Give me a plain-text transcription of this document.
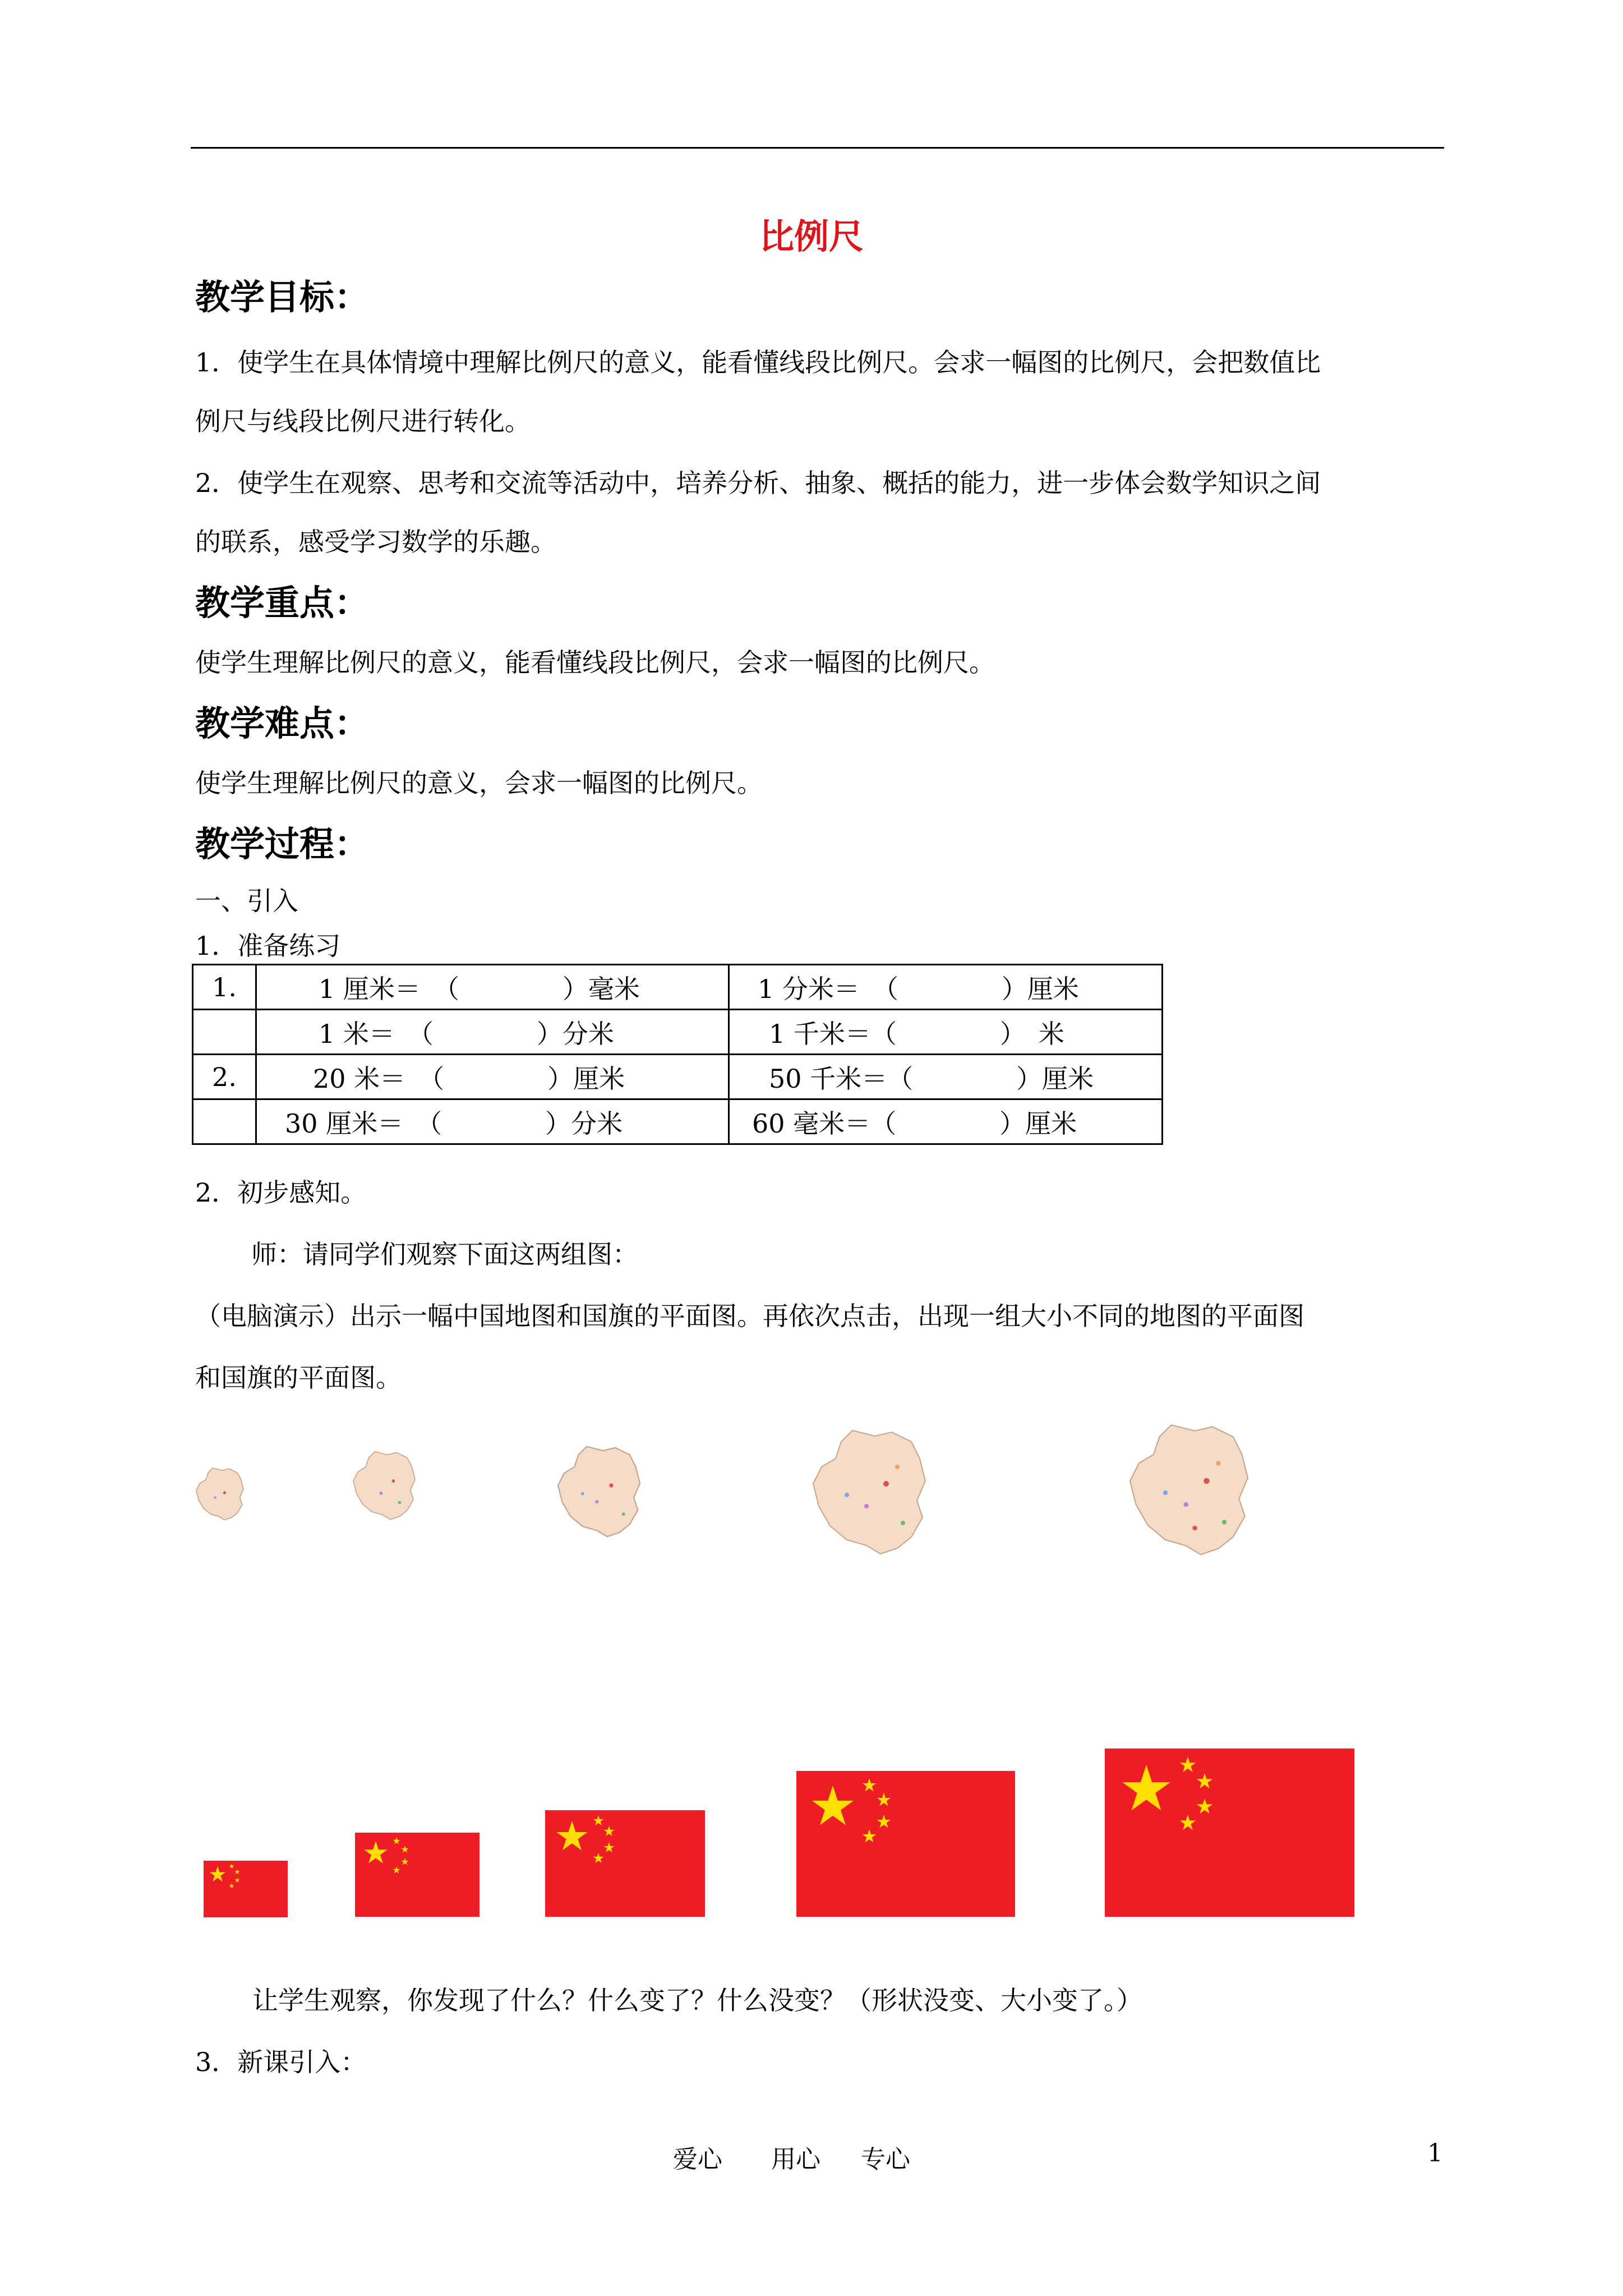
比例尺
教学目标：
1．使学生在具体情境中理解比例尺的意义，能看懂线段比例尺。会求一幅图的比例尺，会把数值比
例尺与线段比例尺进行转化。
2．使学生在观察、思考和交流等活动中，培养分析、抽象、概括的能力，进一步体会数学知识之间
的联系，感受学习数学的乐趣。
教学重点：
使学生理解比例尺的意义，能看懂线段比例尺，会求一幅图的比例尺。
教学难点：
使学生理解比例尺的意义，会求一幅图的比例尺。
教学过程：
一、引入
1．准备练习
1.	1 厘米＝　（　　　　）毫米	1 分米＝　（　　　　）厘米
	1 米＝　（　　　　）分米	1 千米＝（　　　　）　米
2.	20 米＝　（　　　　）厘米	50 千米＝（　　　　）厘米
	30 厘米＝　（　　　　）分米	60 毫米＝（　　　　）厘米
2．初步感知。
师：请同学们观察下面这两组图：
（电脑演示）出示一幅中国地图和国旗的平面图。再依次点击，出现一组大小不同的地图的平面图
和国旗的平面图。
让学生观察，你发现了什么？什么变了？什么没变？（形状没变、大小变了。）
3．新课引入：
爱心 用心 专心	1
